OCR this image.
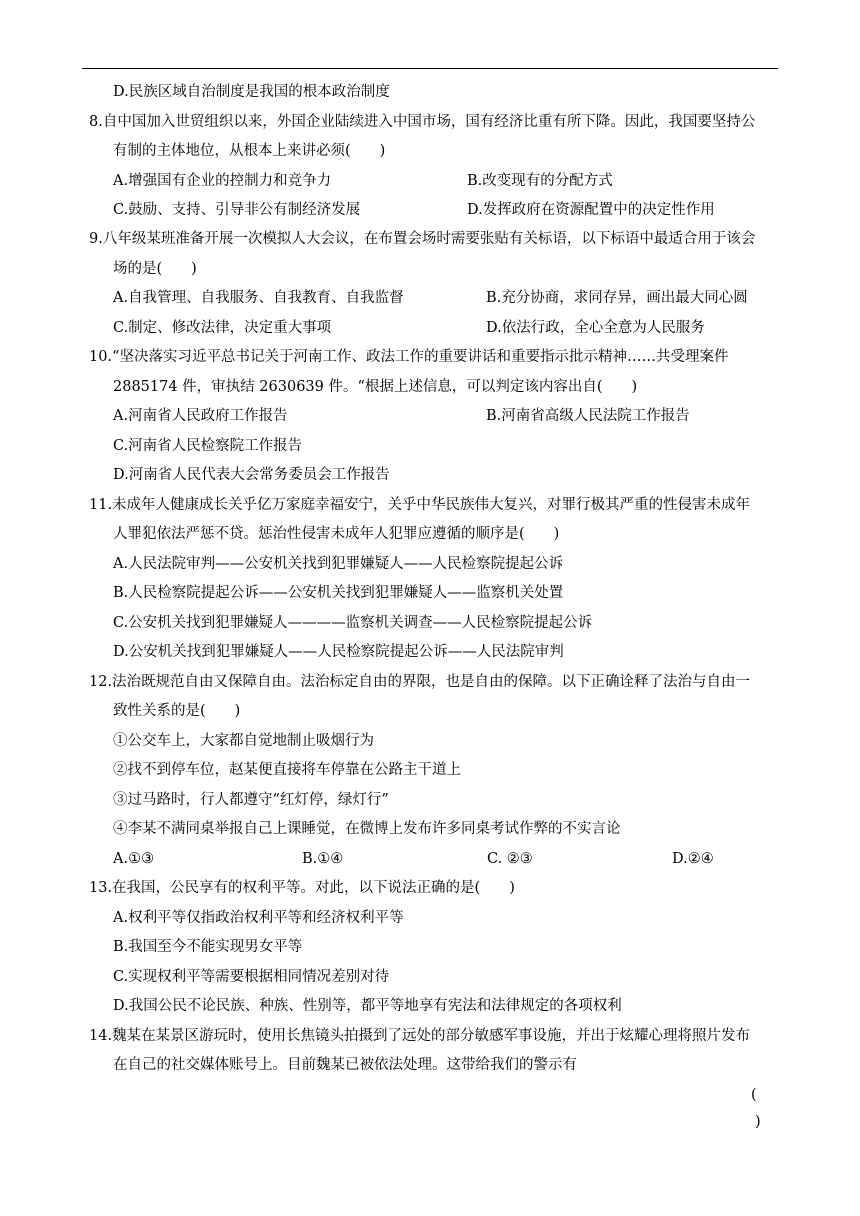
D.民族区域自治制度是我国的根本政治制度
8.自中国加入世贸组织以来，外国企业陆续进入中国市场，国有经济比重有所下降。因此，我国要坚持公
有制的主体地位，从根本上来讲必须(　　)
A.增强国有企业的控制力和竞争力	B.改变现有的分配方式
C.鼓励、支持、引导非公有制经济发展	D.发挥政府在资源配置中的决定性作用
9.八年级某班准备开展一次模拟人大会议，在布置会场时需要张贴有关标语，以下标语中最适合用于该会
场的是(　　)
A.自我管理、自我服务、自我教育、自我监督	B.充分协商，求同存异，画出最大同心圆
C.制定、修改法律，决定重大事项	D.依法行政，全心全意为人民服务
10.“坚决落实习近平总书记关于河南工作、政法工作的重要讲话和重要指示批示精神……共受理案件
2885174 件，审执结 2630639 件。“根据上述信息，可以判定该内容出自(　　)
A.河南省人民政府工作报告	B.河南省高级人民法院工作报告
C.河南省人民检察院工作报告
D.河南省人民代表大会常务委员会工作报告
11.未成年人健康成长关乎亿万家庭幸福安宁，关乎中华民族伟大复兴，对罪行极其严重的性侵害未成年
人罪犯依法严惩不贷。惩治性侵害未成年人犯罪应遵循的顺序是(　　)
A.人民法院审判——公安机关找到犯罪嫌疑人——人民检察院提起公诉
B.人民检察院提起公诉——公安机关找到犯罪嫌疑人——监察机关处置
C.公安机关找到犯罪嫌疑人————监察机关调查——人民检察院提起公诉
D.公安机关找到犯罪嫌疑人——人民检察院提起公诉——人民法院审判
12.法治既规范自由又保障自由。法治标定自由的界限，也是自由的保障。以下正确诠释了法治与自由一
致性关系的是(　　)
①公交车上，大家都自觉地制止吸烟行为
②找不到停车位，赵某便直接将车停靠在公路主干道上
③过马路时，行人都遵守“红灯停，绿灯行”
④李某不满同桌举报自己上课睡觉，在微博上发布许多同桌考试作弊的不实言论
A.①③	B.①④	C. ②③	D.②④
13.在我国，公民享有的权利平等。对此，以下说法正确的是(　　)
A.权利平等仅指政治权利平等和经济权利平等
B.我国至今不能实现男女平等
C.实现权利平等需要根据相同情况差别对待
D.我国公民不论民族、种族、性别等，都平等地享有宪法和法律规定的各项权利
14.魏某在某景区游玩时，使用长焦镜头拍摄到了远处的部分敏感军事设施，并出于炫耀心理将照片发布
在自己的社交媒体账号上。目前魏某已被依法处理。这带给我们的警示有
(
)
